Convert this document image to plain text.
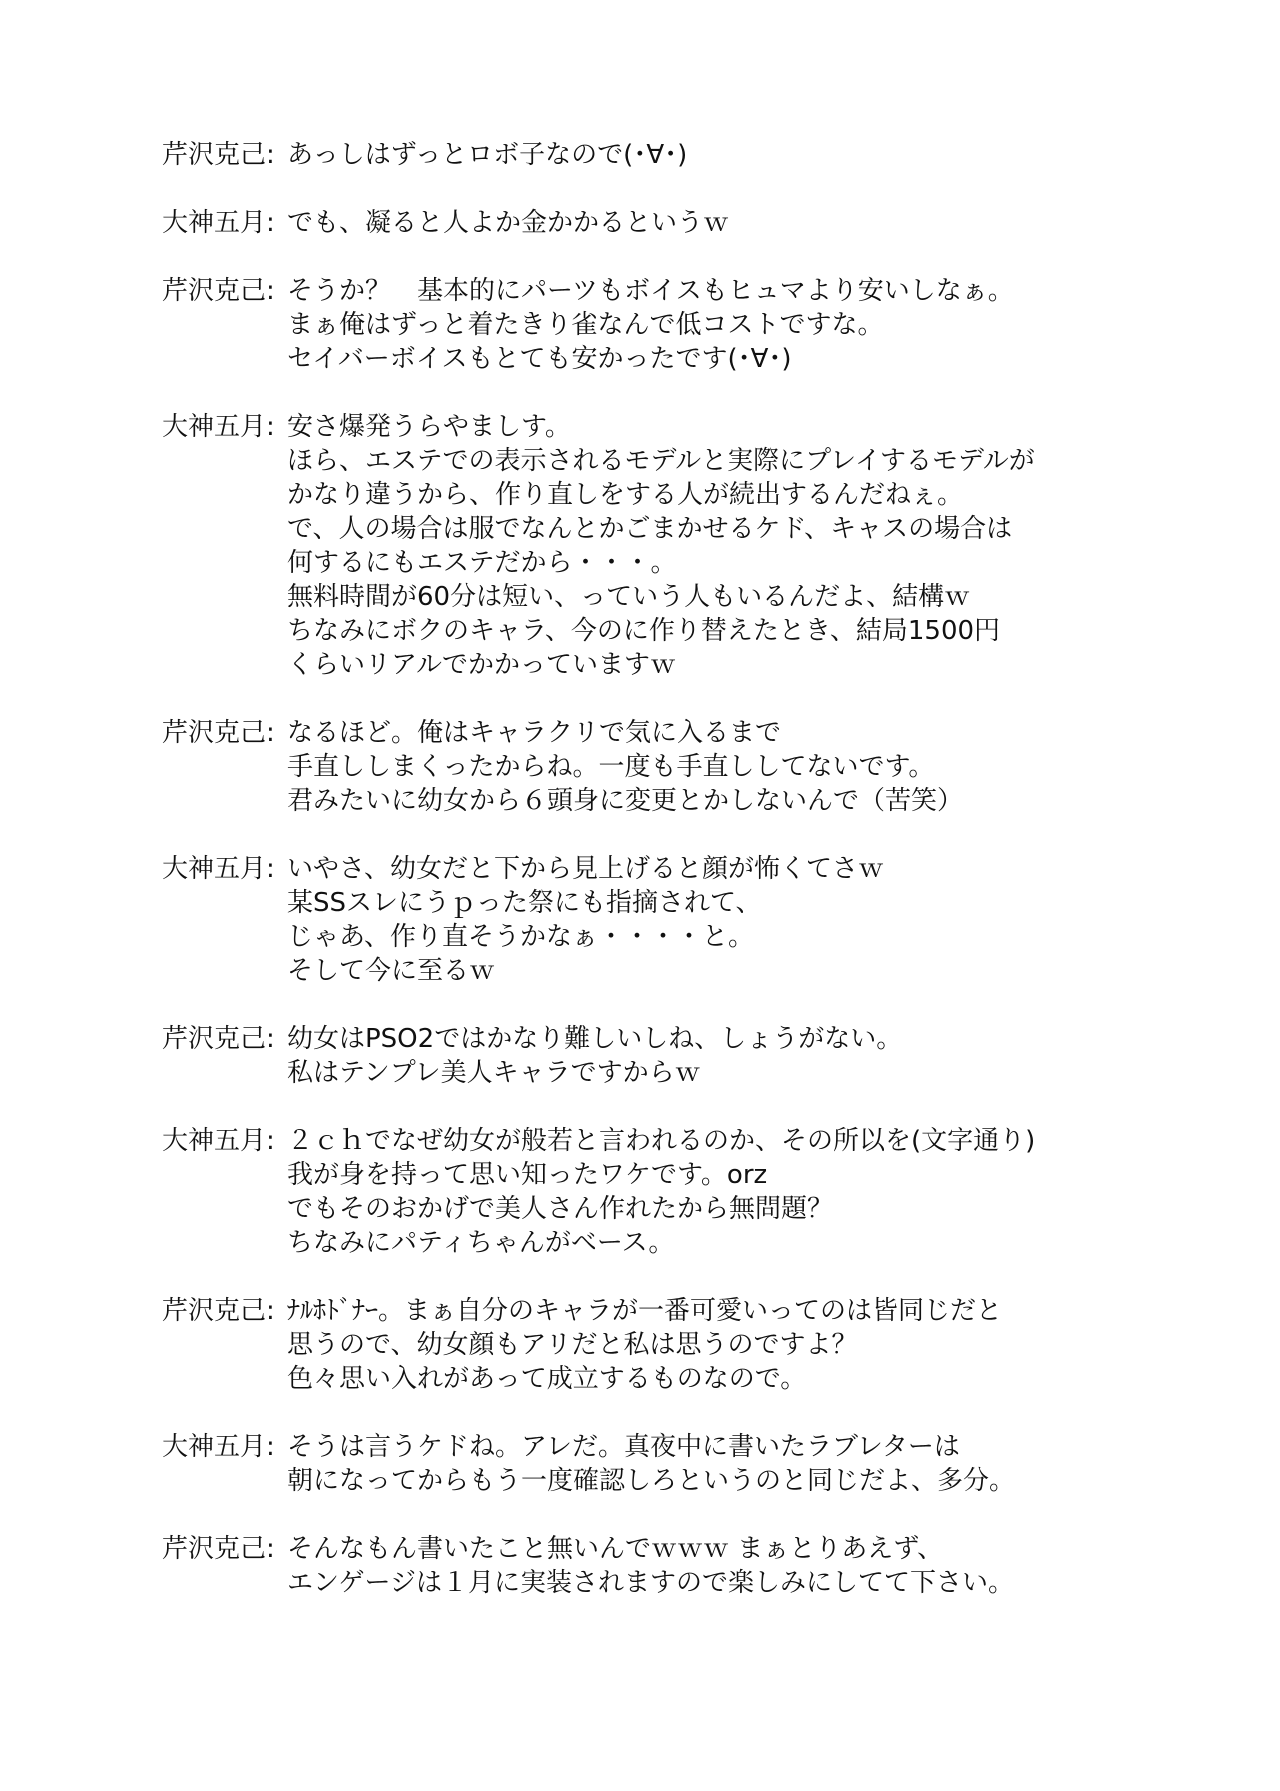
芹沢克己: あっしはずっとロボ子なので(･∀･)
大神五月: でも、凝ると人よか金かかるというｗ
芹沢克己: そうか？　基本的にパーツもボイスもヒュマより安いしなぁ。
まぁ俺はずっと着たきり雀なんで低コストですな。
セイバーボイスもとても安かったです(･∀･)
大神五月: 安さ爆発うらやましす。
ほら、エステでの表示されるモデルと実際にプレイするモデルが
かなり違うから、作り直しをする人が続出するんだねぇ。
で、人の場合は服でなんとかごまかせるケド、キャスの場合は
何するにもエステだから・・・。
無料時間が60分は短い、っていう人もいるんだよ、結構ｗ
ちなみにボクのキャラ、今のに作り替えたとき、結局1500円
くらいリアルでかかっていますｗ
芹沢克己: なるほど。俺はキャラクリで気に入るまで
手直ししまくったからね。一度も手直ししてないです。
君みたいに幼女から６頭身に変更とかしないんで（苦笑）
大神五月: いやさ、幼女だと下から見上げると顔が怖くてさｗ
某SSスレにうｐった祭にも指摘されて、
じゃあ、作り直そうかなぁ・・・・と。
そして今に至るｗ
芹沢克己: 幼女はPSO2ではかなり難しいしね、しょうがない。
私はテンプレ美人キャラですからｗ
大神五月: ２ｃｈでなぜ幼女が般若と言われるのか、その所以を(文字通り)
我が身を持って思い知ったワケです。orz
でもそのおかげで美人さん作れたから無問題？
ちなみにパティちゃんがベース。
芹沢克己: ﾅﾙﾎﾄﾞﾅｰ。まぁ自分のキャラが一番可愛いってのは皆同じだと
思うので、幼女顔もアリだと私は思うのですよ？
色々思い入れがあって成立するものなので。
大神五月: そうは言うケドね。アレだ。真夜中に書いたラブレターは
朝になってからもう一度確認しろというのと同じだよ、多分。
芹沢克己: そんなもん書いたこと無いんでｗｗｗ まぁとりあえず、
エンゲージは１月に実装されますので楽しみにしてて下さい。
